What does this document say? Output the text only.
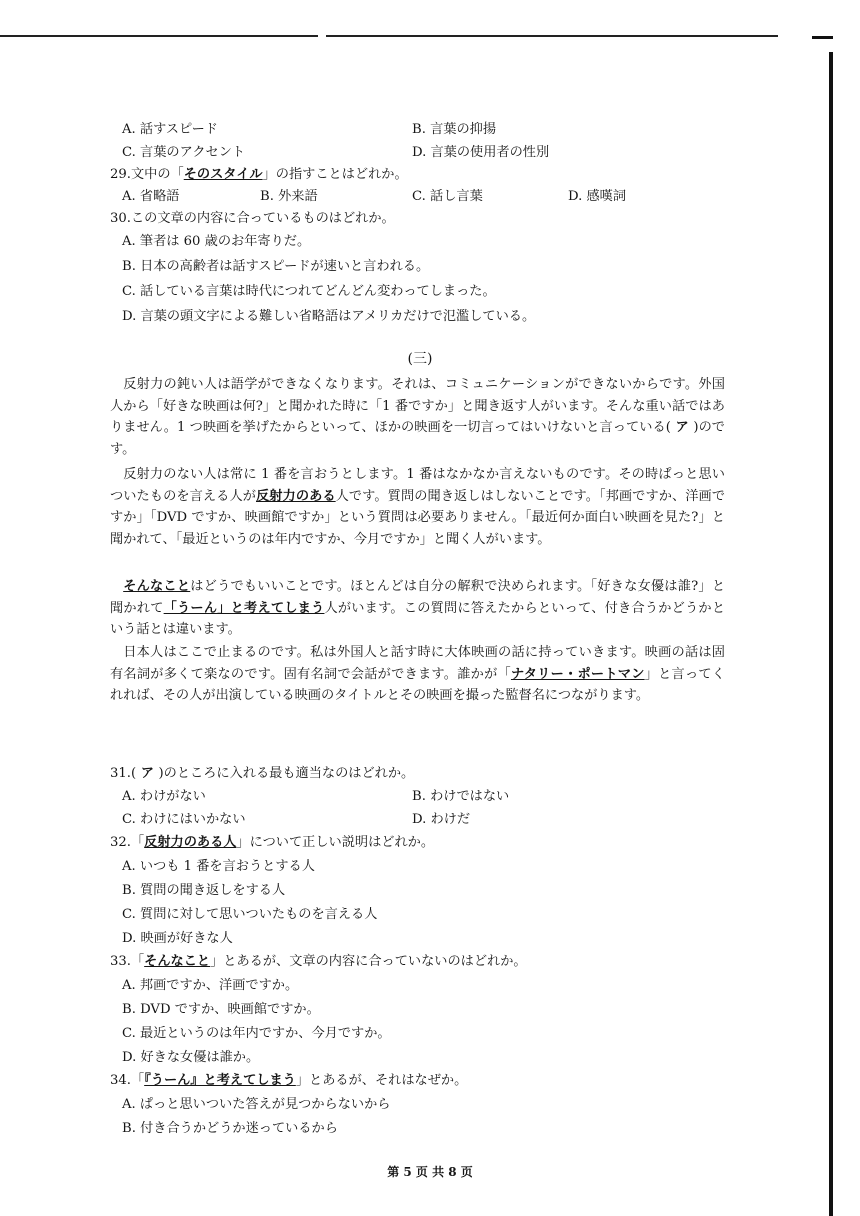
A. 話すスピード	B. 言葉の抑揚
C. 言葉のアクセント	D. 言葉の使用者の性別
29.文中の「そのスタイル」の指すことはどれか。
A. 省略語	B. 外来語	C. 話し言葉	D. 感嘆詞
30.この文章の内容に合っているものはどれか。
A. 筆者は 60 歳のお年寄りだ。
B. 日本の高齢者は話すスピードが速いと言われる。
C. 話している言葉は時代につれてどんどん変わってしまった。
D. 言葉の頭文字による難しい省略語はアメリカだけで氾濫している。
(三)

反射力の鈍い人は語学ができなくなります。それは、コミュニケーションができないからです。外国人から「好きな映画は何?」と聞かれた時に「1 番ですか」と聞き返す人がいます。そんな重い話ではありません。1 つ映画を挙げたからといって、ほかの映画を一切言ってはいけないと言っている( ア )のです。

反射力のない人は常に 1 番を言おうとします。1 番はなかなか言えないものです。その時ぱっと思いついたものを言える人が反射力のある人です。質問の聞き返しはしないことです。「邦画ですか、洋画ですか」「DVD ですか、映画館ですか」という質問は必要ありません。「最近何か面白い映画を見た?」と聞かれて、「最近というのは年内ですか、今月ですか」と聞く人がいます。

そんなことはどうでもいいことです。ほとんどは自分の解釈で決められます。「好きな女優は誰?」と聞かれて「うーん」と考えてしまう人がいます。この質問に答えたからといって、付き合うかどうかという話とは違います。

日本人はここで止まるのです。私は外国人と話す時に大体映画の話に持っていきます。映画の話は固有名詞が多くて楽なのです。固有名詞で会話ができます。誰かが「ナタリー・ポートマン」と言ってくれれば、その人が出演している映画のタイトルとその映画を撮った監督名につながります。

31.( ア )のところに入れる最も適当なのはどれか。
A. わけがない	B. わけではない
C. わけにはいかない	D. わけだ
32.「反射力のある人」について正しい説明はどれか。
A. いつも 1 番を言おうとする人
B. 質問の聞き返しをする人
C. 質問に対して思いついたものを言える人
D. 映画が好きな人
33.「そんなこと」とあるが、文章の内容に合っていないのはどれか。
A. 邦画ですか、洋画ですか。
B. DVD ですか、映画館ですか。
C. 最近というのは年内ですか、今月ですか。
D. 好きな女優は誰か。
34.「『うーん』と考えてしまう」とあるが、それはなぜか。
A. ぱっと思いついた答えが見つからないから
B. 付き合うかどうか迷っているから
第 5 页 共 8 页
